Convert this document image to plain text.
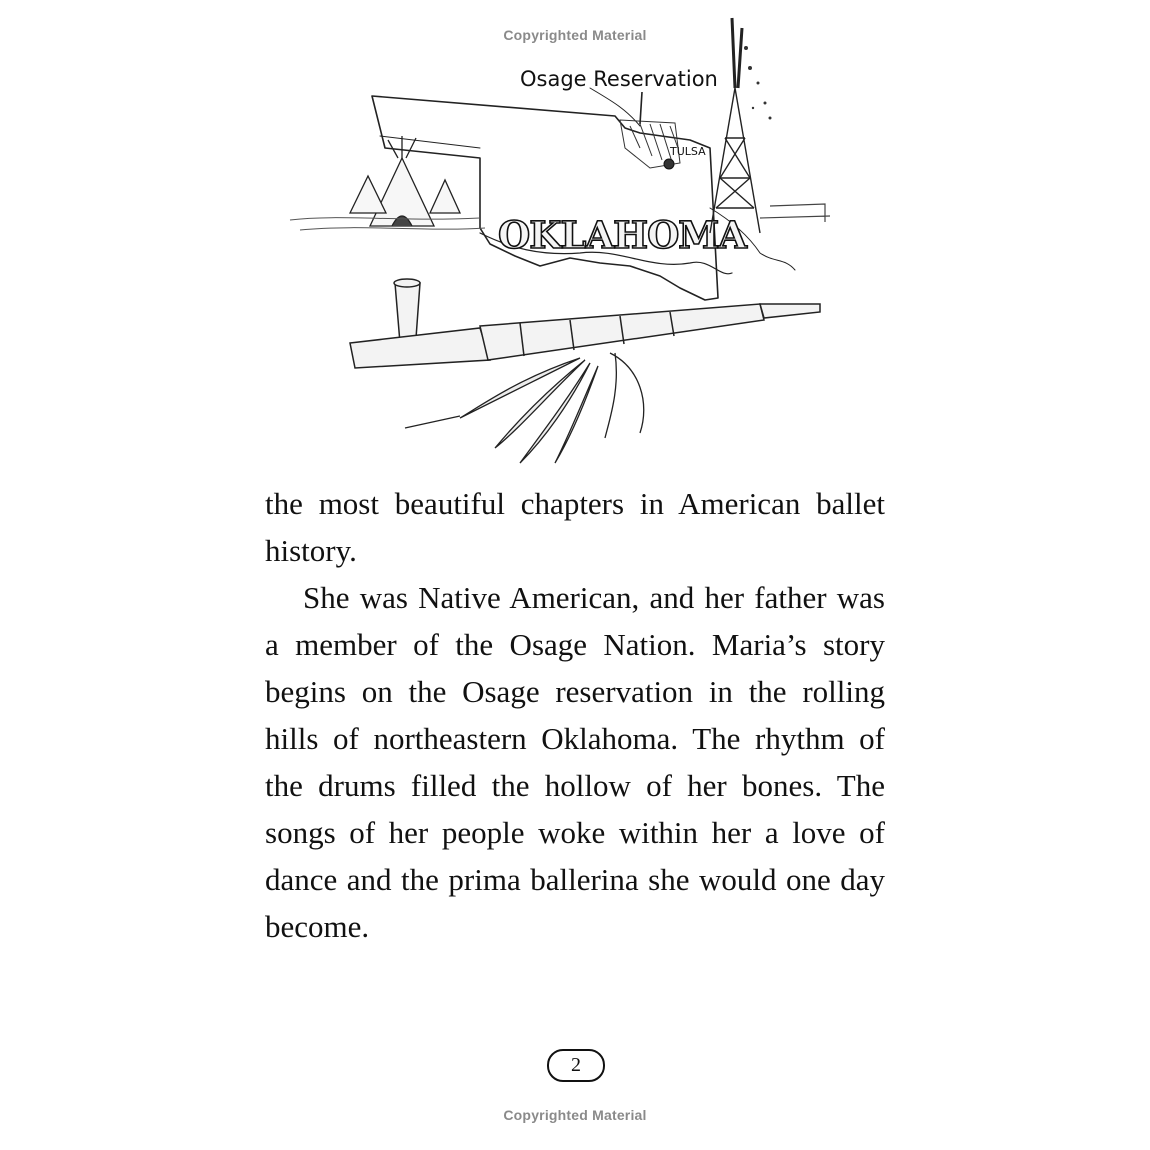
Copyrighted Material
Osage Reservation
TULSA
OKLAHOMA

the most beautiful chapters in American ballet history.

She was Native American, and her father was a member of the Osage Nation. Maria’s story begins on the Osage reservation in the rolling hills of northeastern Oklahoma. The rhythm of the drums filled the hollow of her bones. The songs of her people woke within her a love of dance and the prima ballerina she would one day become.

2
Copyrighted Material
